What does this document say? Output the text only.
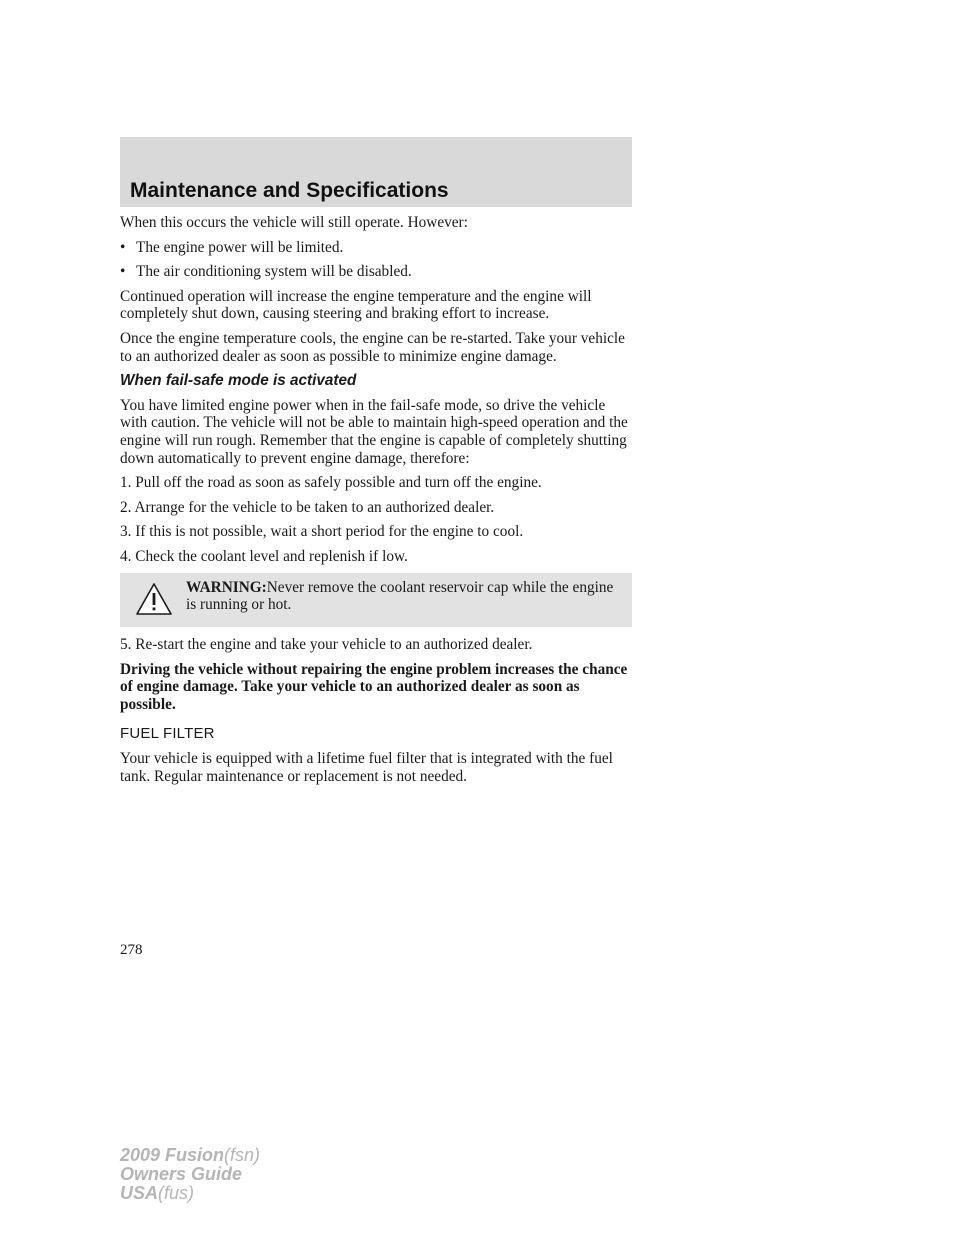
Maintenance and Specifications

When this occurs the vehicle will still operate. However:

• The engine power will be limited.
• The air conditioning system will be disabled.

Continued operation will increase the engine temperature and the engine will completely shut down, causing steering and braking effort to increase.

Once the engine temperature cools, the engine can be re-started. Take your vehicle to an authorized dealer as soon as possible to minimize engine damage.

When fail-safe mode is activated

You have limited engine power when in the fail-safe mode, so drive the vehicle with caution. The vehicle will not be able to maintain high-speed operation and the engine will run rough. Remember that the engine is capable of completely shutting down automatically to prevent engine damage, therefore:

1. Pull off the road as soon as safely possible and turn off the engine.

2. Arrange for the vehicle to be taken to an authorized dealer.

3. If this is not possible, wait a short period for the engine to cool.

4. Check the coolant level and replenish if low.

WARNING:Never remove the coolant reservoir cap while the engine is running or hot.

5. Re-start the engine and take your vehicle to an authorized dealer.

Driving the vehicle without repairing the engine problem increases the chance of engine damage. Take your vehicle to an authorized dealer as soon as possible.

FUEL FILTER

Your vehicle is equipped with a lifetime fuel filter that is integrated with the fuel tank. Regular maintenance or replacement is not needed.

278
2009 Fusion(fsn)
Owners Guide
USA(fus)
